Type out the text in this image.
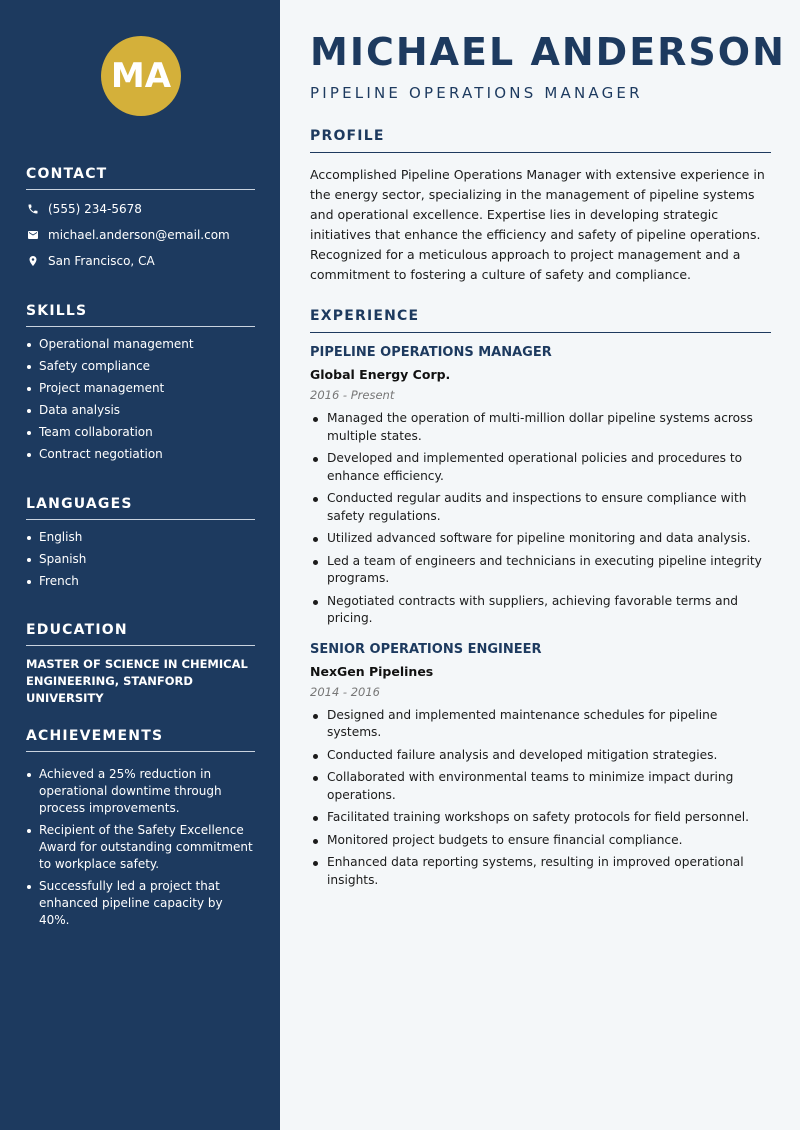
MA
CONTACT
(555) 234-5678
michael.anderson@email.com
San Francisco, CA
SKILLS
Operational management
Safety compliance
Project management
Data analysis
Team collaboration
Contract negotiation
LANGUAGES
English
Spanish
French
EDUCATION
MASTER OF SCIENCE IN CHEMICAL ENGINEERING, STANFORD UNIVERSITY
ACHIEVEMENTS
Achieved a 25% reduction in operational downtime through process improvements.
Recipient of the Safety Excellence Award for outstanding commitment to workplace safety.
Successfully led a project that enhanced pipeline capacity by 40%.
MICHAEL ANDERSON
PIPELINE OPERATIONS MANAGER
PROFILE

Accomplished Pipeline Operations Manager with extensive experience in the energy sector, specializing in the management of pipeline systems and operational excellence. Expertise lies in developing strategic initiatives that enhance the efficiency and safety of pipeline operations. Recognized for a meticulous approach to project management and a commitment to fostering a culture of safety and compliance.

EXPERIENCE
PIPELINE OPERATIONS MANAGER
Global Energy Corp.
2016 - Present
Managed the operation of multi-million dollar pipeline systems across multiple states.
Developed and implemented operational policies and procedures to enhance efficiency.
Conducted regular audits and inspections to ensure compliance with safety regulations.
Utilized advanced software for pipeline monitoring and data analysis.
Led a team of engineers and technicians in executing pipeline integrity programs.
Negotiated contracts with suppliers, achieving favorable terms and pricing.
SENIOR OPERATIONS ENGINEER
NexGen Pipelines
2014 - 2016
Designed and implemented maintenance schedules for pipeline systems.
Conducted failure analysis and developed mitigation strategies.
Collaborated with environmental teams to minimize impact during operations.
Facilitated training workshops on safety protocols for field personnel.
Monitored project budgets to ensure financial compliance.
Enhanced data reporting systems, resulting in improved operational insights.
